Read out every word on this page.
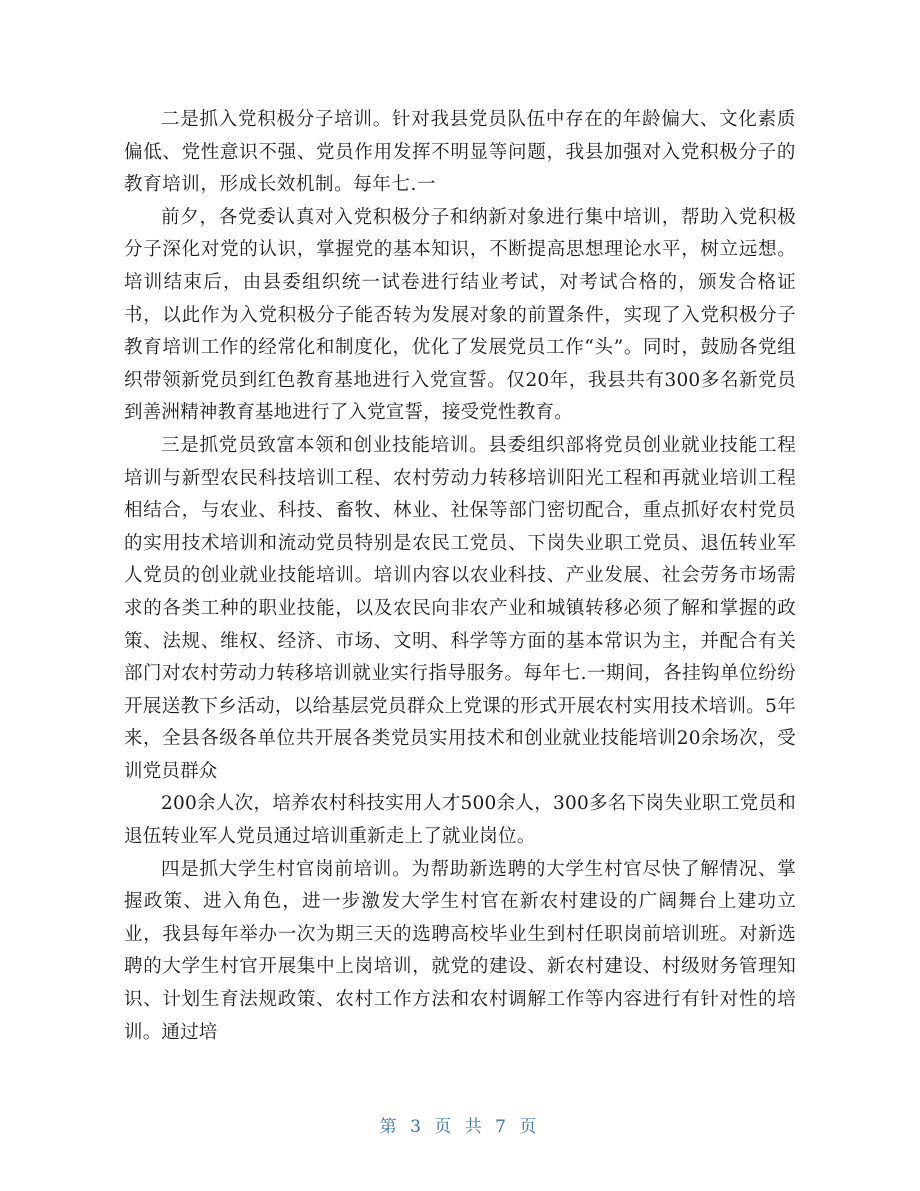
二是抓入党积极分子培训。针对我县党员队伍中存在的年龄偏大、文化素质偏低、党性意识不强、党员作用发挥不明显等问题，我县加强对入党积极分子的教育培训，形成长效机制。每年七.一

前夕，各党委认真对入党积极分子和纳新对象进行集中培训，帮助入党积极分子深化对党的认识，掌握党的基本知识，不断提高思想理论水平，树立远想。培训结束后，由县委组织统一试卷进行结业考试，对考试合格的，颁发合格证书，以此作为入党积极分子能否转为发展对象的前置条件，实现了入党积极分子教育培训工作的经常化和制度化，优化了发展党员工作“头”。同时，鼓励各党组织带领新党员到红色教育基地进行入党宣誓。仅20年，我县共有300多名新党员到善洲精神教育基地进行了入党宣誓，接受党性教育。

三是抓党员致富本领和创业技能培训。县委组织部将党员创业就业技能工程培训与新型农民科技培训工程、农村劳动力转移培训阳光工程和再就业培训工程相结合，与农业、科技、畜牧、林业、社保等部门密切配合，重点抓好农村党员的实用技术培训和流动党员特别是农民工党员、下岗失业职工党员、退伍转业军人党员的创业就业技能培训。培训内容以农业科技、产业发展、社会劳务市场需求的各类工种的职业技能，以及农民向非农产业和城镇转移必须了解和掌握的政策、法规、维权、经济、市场、文明、科学等方面的基本常识为主，并配合有关部门对农村劳动力转移培训就业实行指导服务。每年七.一期间，各挂钩单位纷纷开展送教下乡活动，以给基层党员群众上党课的形式开展农村实用技术培训。5年来，全县各级各单位共开展各类党员实用技术和创业就业技能培训20余场次，受训党员群众

200余人次，培养农村科技实用人才500余人，300多名下岗失业职工党员和退伍转业军人党员通过培训重新走上了就业岗位。

四是抓大学生村官岗前培训。为帮助新选聘的大学生村官尽快了解情况、掌握政策、进入角色，进一步激发大学生村官在新农村建设的广阔舞台上建功立业，我县每年举办一次为期三天的选聘高校毕业生到村任职岗前培训班。对新选聘的大学生村官开展集中上岗培训，就党的建设、新农村建设、村级财务管理知识、计划生育法规政策、农村工作方法和农村调解工作等内容进行有针对性的培训。通过培

第 3 页 共 7 页
